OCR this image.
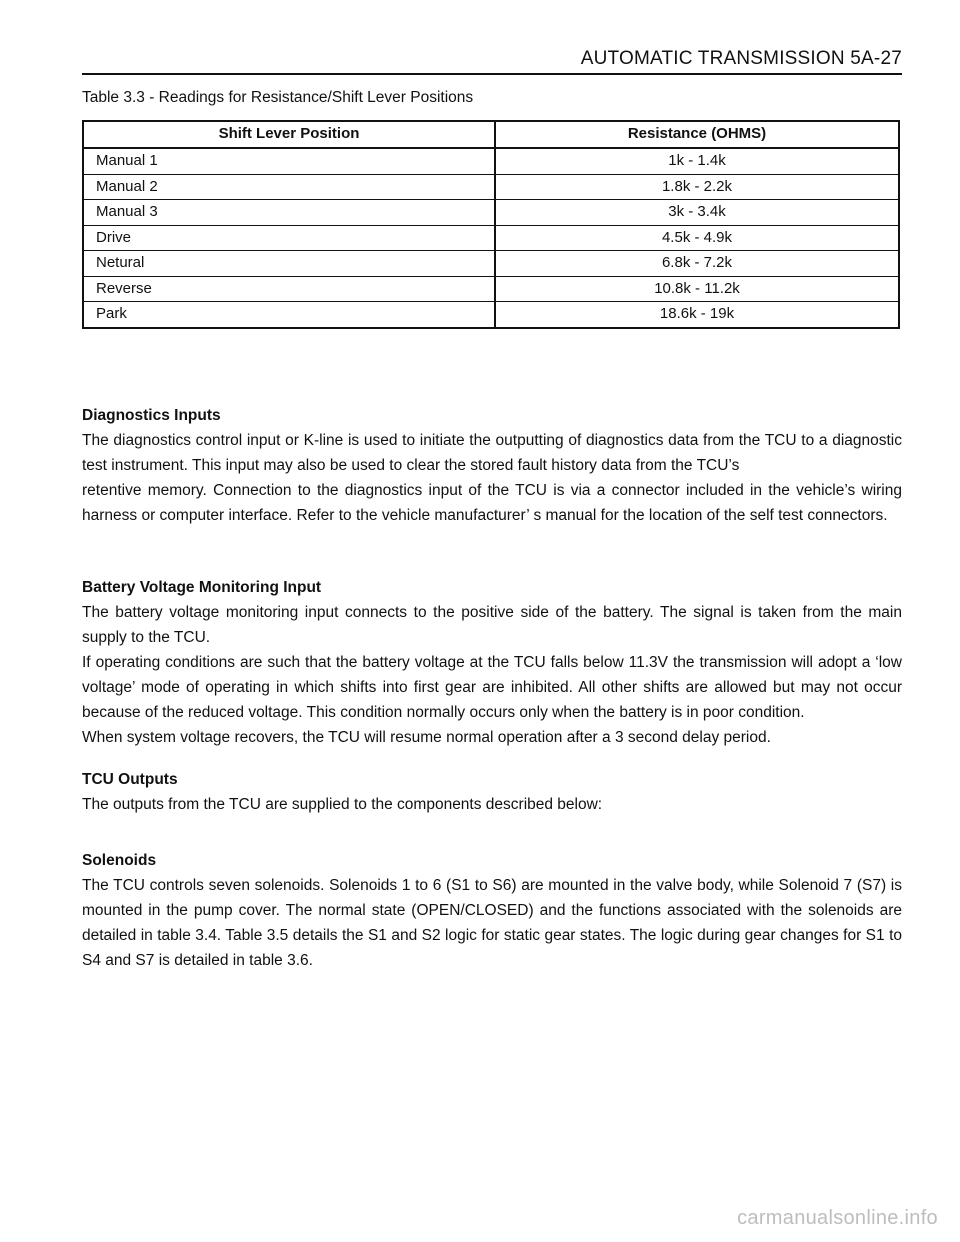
AUTOMATIC TRANSMISSION 5A-27
Table 3.3 - Readings for Resistance/Shift Lever Positions
Shift Lever Position	Resistance (OHMS)
Manual 1	1k - 1.4k
Manual 2	1.8k - 2.2k
Manual 3	3k - 3.4k
Drive	4.5k - 4.9k
Netural	6.8k - 7.2k
Reverse	10.8k - 11.2k
Park	18.6k - 19k

Diagnostics Inputs

The diagnostics control input or K-line is used to initiate the outputting of diagnostics data from the TCU to a diagnostic test instrument. This input may also be used to clear the stored fault history data from the TCU’s

retentive memory. Connection to the diagnostics input of the TCU is via a connector included in the vehicle’s wiring harness or computer interface. Refer to the vehicle manufacturer’ s manual for the location of the self test connectors.

Battery Voltage Monitoring Input

The battery voltage monitoring input connects to the positive side of the battery. The signal is taken from the main supply to the TCU.

If operating conditions are such that the battery voltage at the TCU falls below 11.3V the transmission will adopt a ‘low voltage’ mode of operating in which shifts into first gear are inhibited. All other shifts are allowed but may not occur because of the reduced voltage. This condition normally occurs only when the battery is in poor condition.

When system voltage recovers, the TCU will resume normal operation after a 3 second delay period.

TCU Outputs

The outputs from the TCU are supplied to the components described below:

Solenoids

The TCU controls seven solenoids. Solenoids 1 to 6 (S1 to S6) are mounted in the valve body, while Solenoid 7 (S7) is mounted in the pump cover. The normal state (OPEN/CLOSED) and the functions associated with the solenoids are detailed in table 3.4. Table 3.5 details the S1 and S2 logic for static gear states. The logic during gear changes for S1 to S4 and S7 is detailed in table 3.6.

carmanualsonline.info
